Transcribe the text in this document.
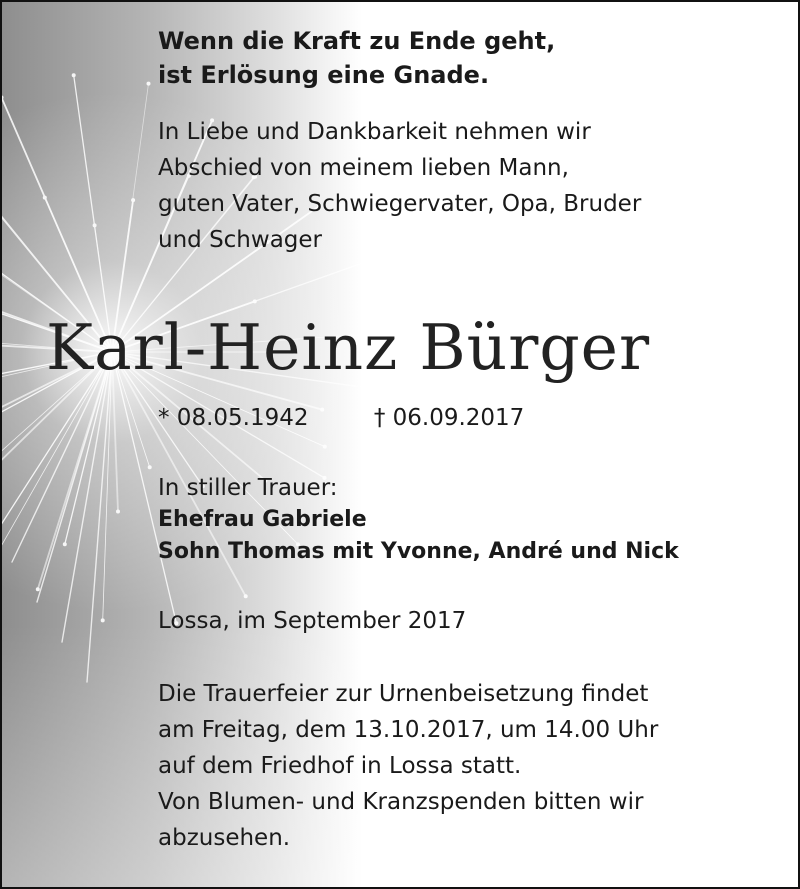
Wenn die Kraft zu Ende geht,
ist Erlösung eine Gnade.
In Liebe und Dankbarkeit nehmen wir
Abschied von meinem lieben Mann,
guten Vater, Schwiegervater, Opa, Bruder
und Schwager
Karl-Heinz Bürger
* 08.05.1942	† 06.09.2017
In stiller Trauer:
Ehefrau Gabriele
Sohn Thomas mit Yvonne, André und Nick
Lossa, im September 2017
Die Trauerfeier zur Urnenbeisetzung findet
am Freitag, dem 13.10.2017, um 14.00 Uhr
auf dem Friedhof in Lossa statt.
Von Blumen- und Kranzspenden bitten wir
abzusehen.
